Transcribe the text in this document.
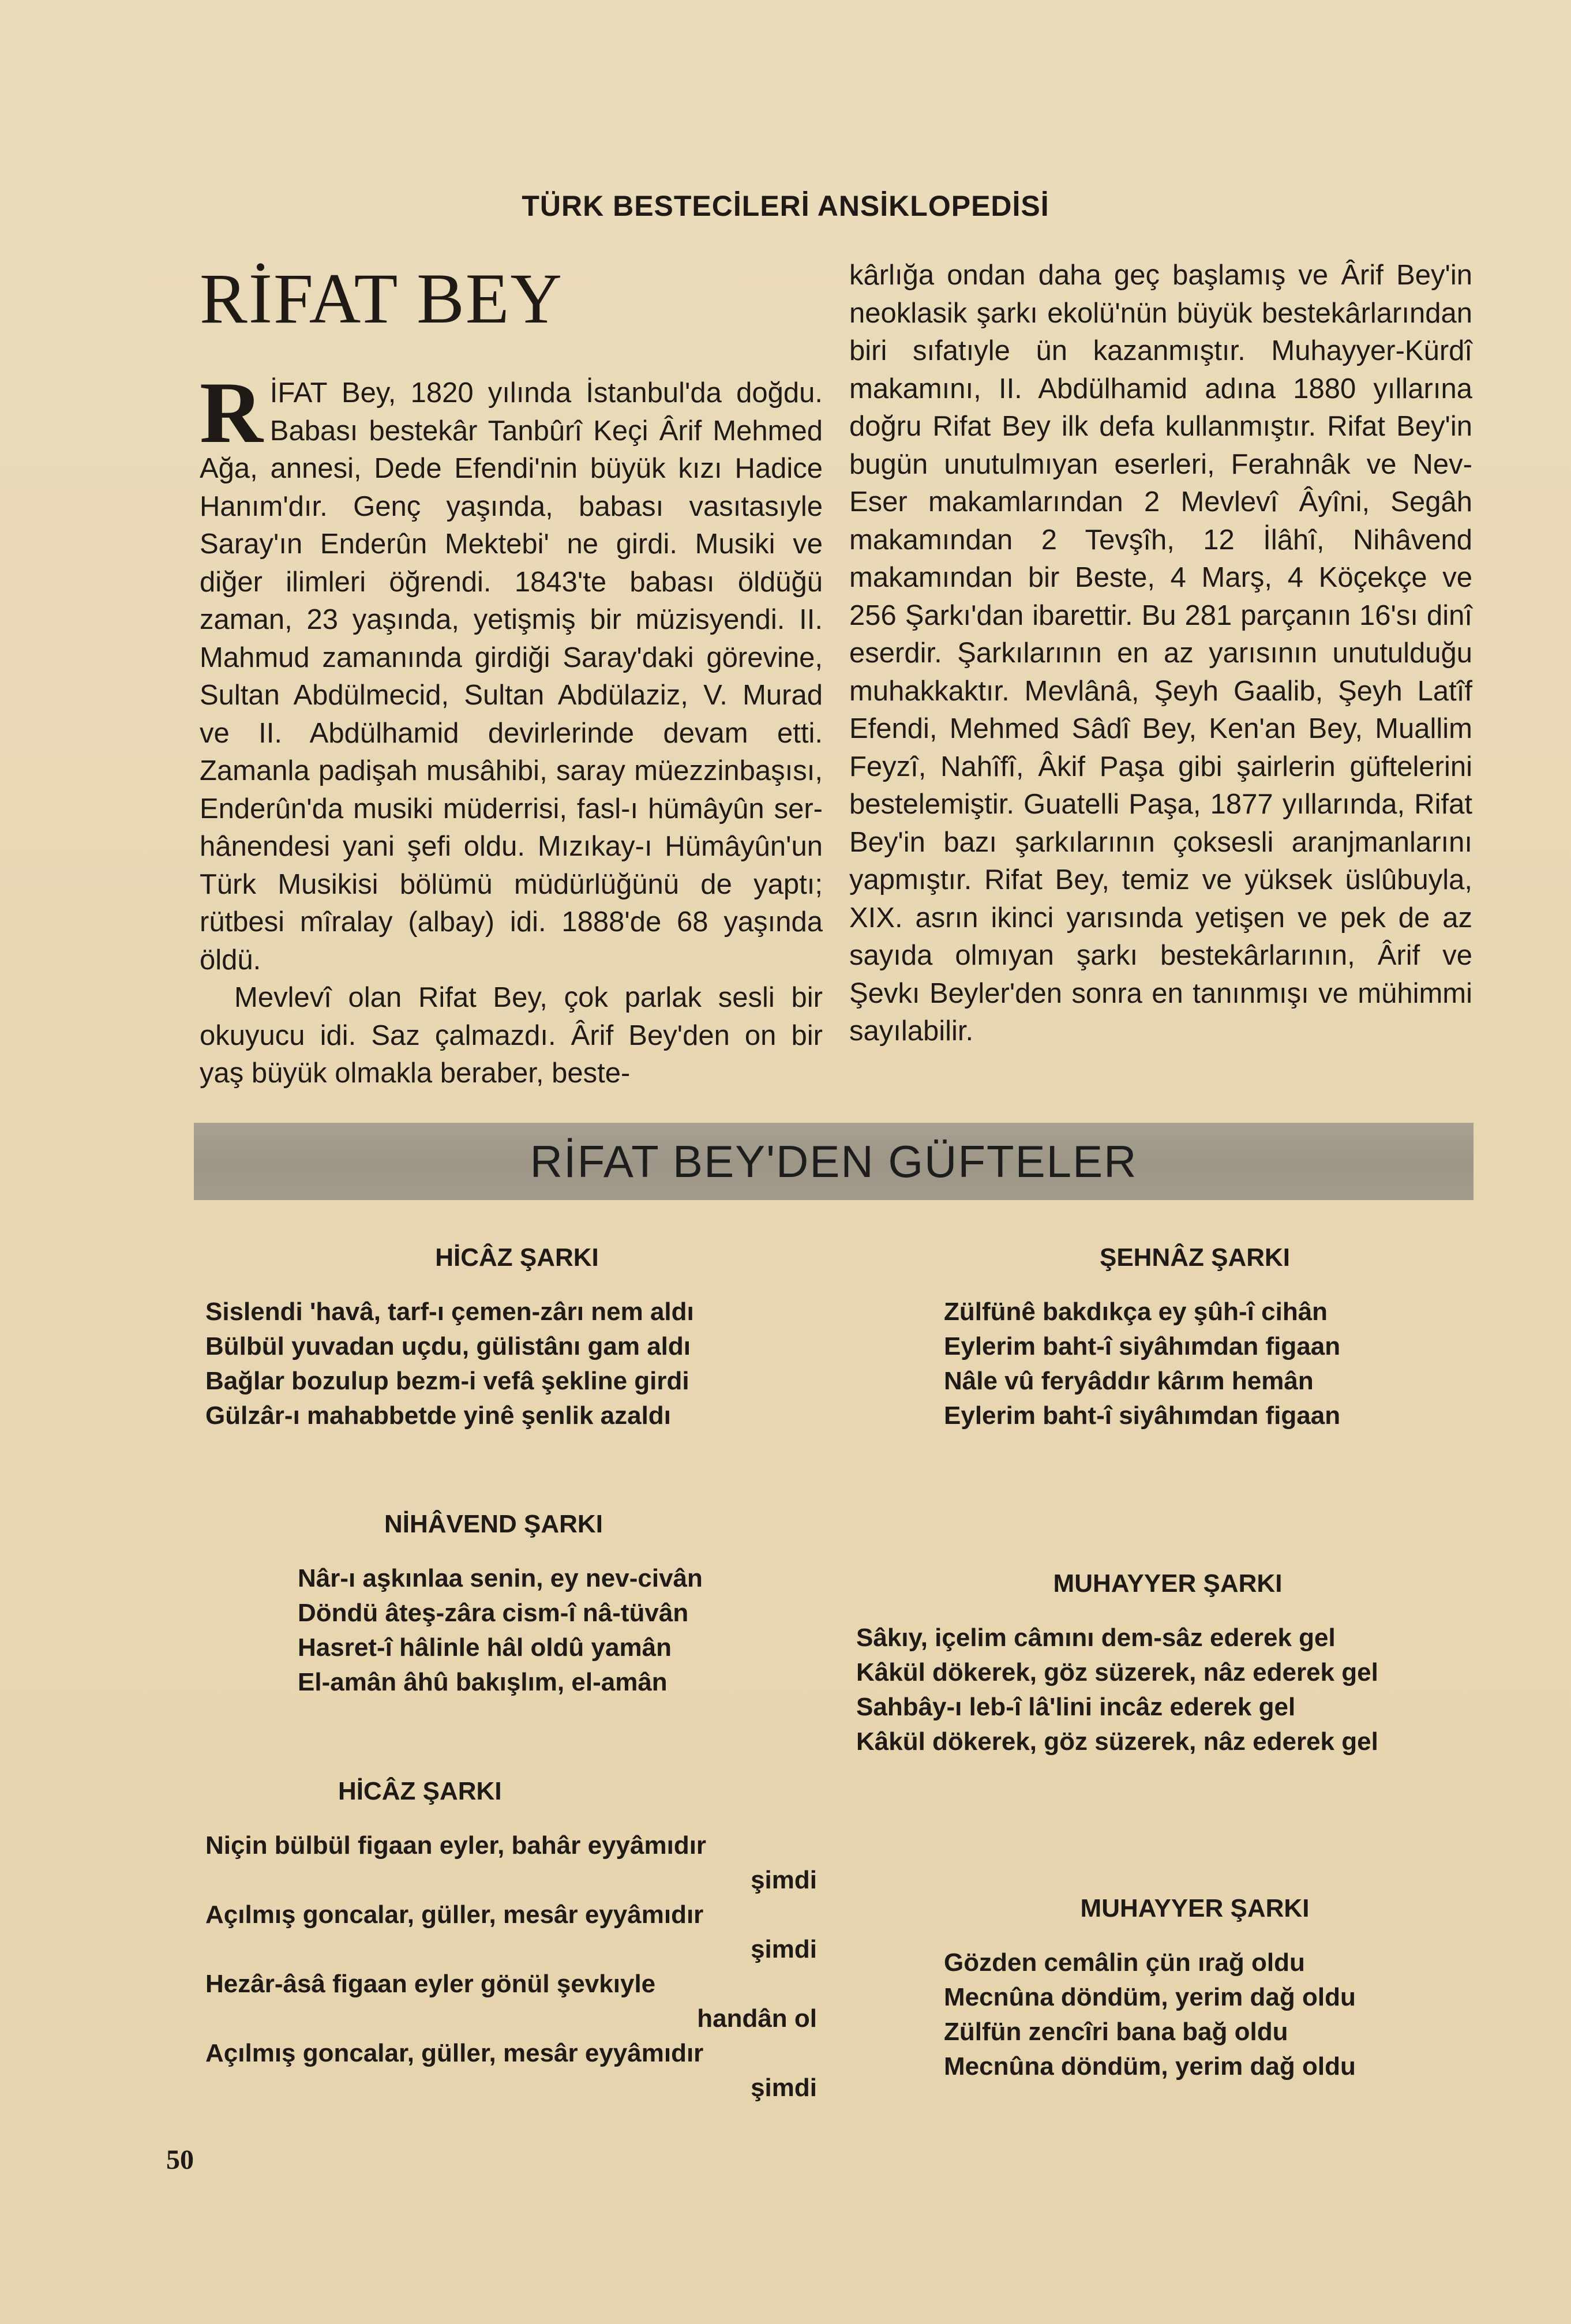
TÜRK BESTECİLERİ ANSİKLOPEDİSİ
RİFAT BEY

RİFAT Bey, 1820 yılında İstanbul'da doğdu. Babası bestekâr Tanbûrî Keçi Ârif Mehmed Ağa, annesi, Dede Efendi'nin büyük kızı Hadice Hanım'dır. Genç yaşında, babası vasıtasıyle Saray'ın Enderûn Mektebi' ne girdi. Musiki ve diğer ilimleri öğrendi. 1843'te babası öldüğü zaman, 23 yaşında, yetişmiş bir müzisyendi. II. Mahmud zamanında girdiği Saray'daki görevine, Sultan Abdülmecid, Sultan Abdülaziz, V. Murad ve II. Abdülhamid devirlerinde devam etti. Zamanla padişah musâhibi, saray müezzinbaşısı, Enderûn'da musiki müderrisi, fasl-ı hümâyûn ser-hânendesi yani şefi oldu. Mızıkay-ı Hümâyûn'un Türk Musikisi bölümü müdürlüğünü de yaptı; rütbesi mîralay (albay) idi. 1888'de 68 yaşında öldü.

Mevlevî olan Rifat Bey, çok parlak sesli bir okuyucu idi. Saz çalmazdı. Ârif Bey'den on bir yaş büyük olmakla beraber, beste-

kârlığa ondan daha geç başlamış ve Ârif Bey'in neoklasik şarkı ekolü'nün büyük bestekârlarından biri sıfatıyle ün kazanmıştır. Muhayyer-Kürdî makamını, II. Abdülhamid adına 1880 yıllarına doğru Rifat Bey ilk defa kullanmıştır. Rifat Bey'in bugün unutulmıyan eserleri, Ferahnâk ve Nev-Eser makamlarından 2 Mevlevî Âyîni, Segâh makamından 2 Tevşîh, 12 İlâhî, Nihâvend makamından bir Beste, 4 Marş, 4 Köçekçe ve 256 Şarkı'dan ibarettir. Bu 281 parçanın 16'sı dinî eserdir. Şarkılarının en az yarısının unutulduğu muhakkaktır. Mevlânâ, Şeyh Gaalib, Şeyh Latîf Efendi, Mehmed Sâdî Bey, Ken'an Bey, Muallim Feyzî, Nahîfî, Âkif Paşa gibi şairlerin güftelerini bestelemiştir. Guatelli Paşa, 1877 yıllarında, Rifat Bey'in bazı şarkılarının çoksesli aranjmanlarını yapmıştır. Rifat Bey, temiz ve yüksek üslûbuyla, XIX. asrın ikinci yarısında yetişen ve pek de az sayıda olmıyan şarkı bestekârlarının, Ârif ve Şevkı Beyler'den sonra en tanınmışı ve mühimmi sayılabilir.

RİFAT BEY'DEN GÜFTELER
HİCÂZ ŞARKI
Sislendi 'havâ, tarf-ı çemen-zârı nem aldı
Bülbül yuvadan uçdu, gülistânı gam aldı
Bağlar bozulup bezm-i vefâ şekline girdi
Gülzâr-ı mahabbetde yinê şenlik azaldı
ŞEHNÂZ ŞARKI
Zülfünê bakdıkça ey şûh-î cihân
Eylerim baht-î siyâhımdan figaan
Nâle vû feryâddır kârım hemân
Eylerim baht-î siyâhımdan figaan
NİHÂVEND ŞARKI
Nâr-ı aşkınlaa senin, ey nev-civân
Döndü âteş-zâra cism-î nâ-tüvân
Hasret-î hâlinle hâl oldû yamân
El-amân âhû bakışlım, el-amân
MUHAYYER ŞARKI
Sâkıy, içelim câmını dem-sâz ederek gel
Kâkül dökerek, göz süzerek, nâz ederek gel
Sahbây-ı leb-î lâ'lini incâz ederek gel
Kâkül dökerek, göz süzerek, nâz ederek gel
HİCÂZ ŞARKI
Niçin bülbül figaan eyler, bahâr eyyâmıdır
şimdi
Açılmış goncalar, güller, mesâr eyyâmıdır
şimdi
Hezâr-âsâ figaan eyler gönül şevkıyle
handân ol
Açılmış goncalar, güller, mesâr eyyâmıdır
şimdi
MUHAYYER ŞARKI
Gözden cemâlin çün ırağ oldu
Mecnûna döndüm, yerim dağ oldu
Zülfün zencîri bana bağ oldu
Mecnûna döndüm, yerim dağ oldu
50
